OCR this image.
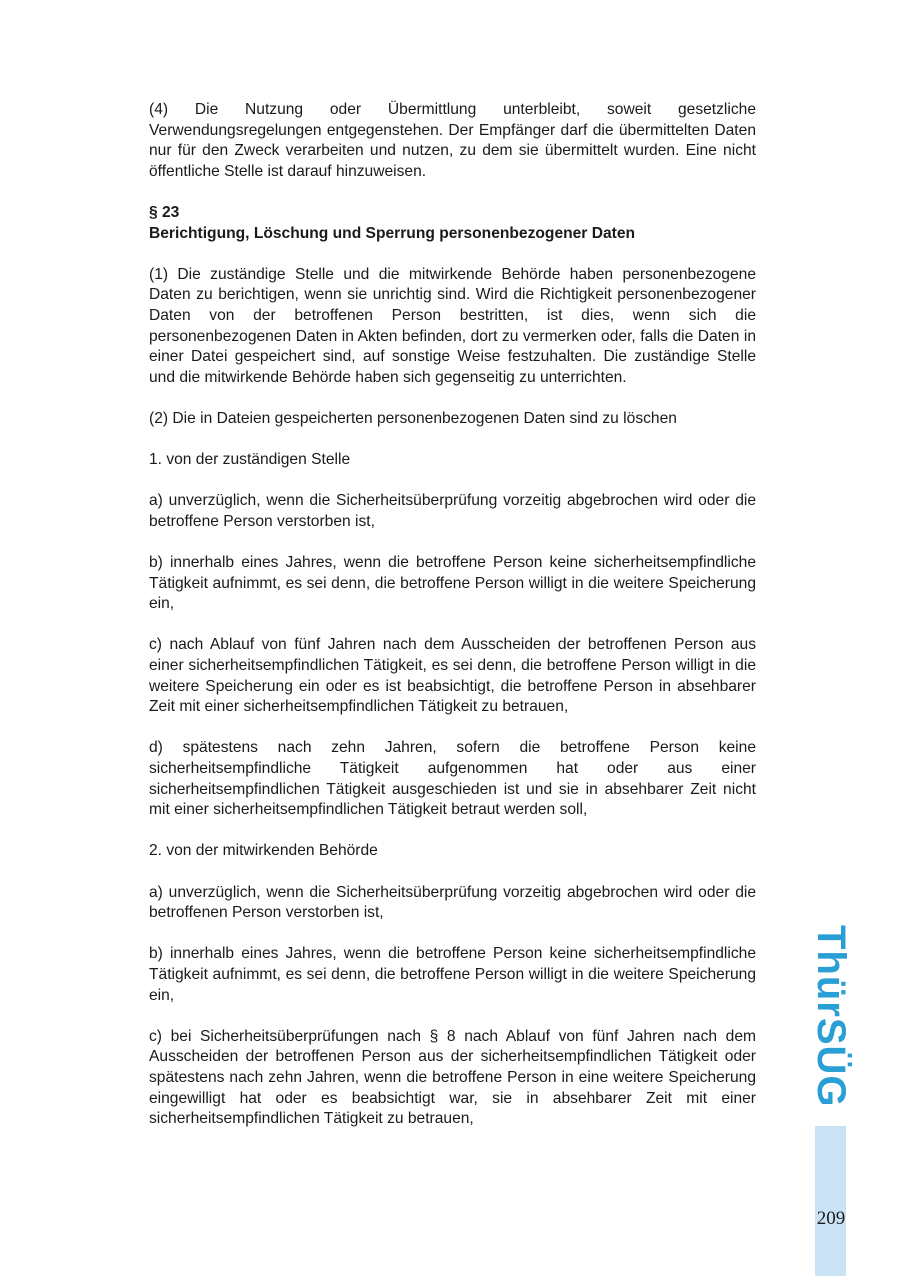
(4) Die Nutzung oder Übermittlung unterbleibt, soweit gesetzliche Verwendungsregelungen entgegenstehen. Der Empfänger darf die übermittelten Daten nur für den Zweck verarbeiten und nutzen, zu dem sie übermittelt wurden. Eine nicht öffentliche Stelle ist darauf hinzuweisen.

§ 23

Berichtigung, Löschung und Sperrung personenbezogener Daten

(1) Die zuständige Stelle und die mitwirkende Behörde haben personenbezogene Daten zu berichtigen, wenn sie unrichtig sind. Wird die Richtigkeit personenbezogener Daten von der betroffenen Person bestritten, ist dies, wenn sich die personenbezogenen Daten in Akten befinden, dort zu vermerken oder, falls die Daten in einer Datei gespeichert sind, auf sonstige Weise festzuhalten. Die zuständige Stelle und die mitwirkende Behörde haben sich gegenseitig zu unterrichten.

(2) Die in Dateien gespeicherten personenbezogenen Daten sind zu löschen

1. von der zuständigen Stelle

a) unverzüglich, wenn die Sicherheitsüberprüfung vorzeitig abgebrochen wird oder die betroffene Person verstorben ist,

b) innerhalb eines Jahres, wenn die betroffene Person keine sicherheitsempfindliche Tätigkeit aufnimmt, es sei denn, die betroffene Person willigt in die weitere Speicherung ein,

c) nach Ablauf von fünf Jahren nach dem Ausscheiden der betroffenen Person aus einer sicherheitsempfindlichen Tätigkeit, es sei denn, die betroffene Person willigt in die weitere Speicherung ein oder es ist beabsichtigt, die betroffene Person in absehbarer Zeit mit einer sicherheitsempfindlichen Tätigkeit zu betrauen,

d) spätestens nach zehn Jahren, sofern die betroffene Person keine sicherheitsempfindliche Tätigkeit aufgenommen hat oder aus einer sicherheitsempfindlichen Tätigkeit ausgeschieden ist und sie in absehbarer Zeit nicht mit einer sicherheitsempfindlichen Tätigkeit betraut werden soll,

2. von der mitwirkenden Behörde

a) unverzüglich, wenn die Sicherheitsüberprüfung vorzeitig abgebrochen wird oder die betroffenen Person verstorben ist,

b) innerhalb eines Jahres, wenn die betroffene Person keine sicherheitsempfindliche Tätigkeit aufnimmt, es sei denn, die betroffene Person willigt in die weitere Speicherung ein,

c) bei Sicherheitsüberprüfungen nach § 8 nach Ablauf von fünf Jahren nach dem Ausscheiden der betroffenen Person aus der sicherheitsempfindlichen Tätigkeit oder spätestens nach zehn Jahren, wenn die betroffene Person in eine weitere Speicherung eingewilligt hat oder es beabsichtigt war, sie in absehbarer Zeit mit einer sicherheitsempfindlichen Tätigkeit zu betrauen,

ThürSÜG
209
